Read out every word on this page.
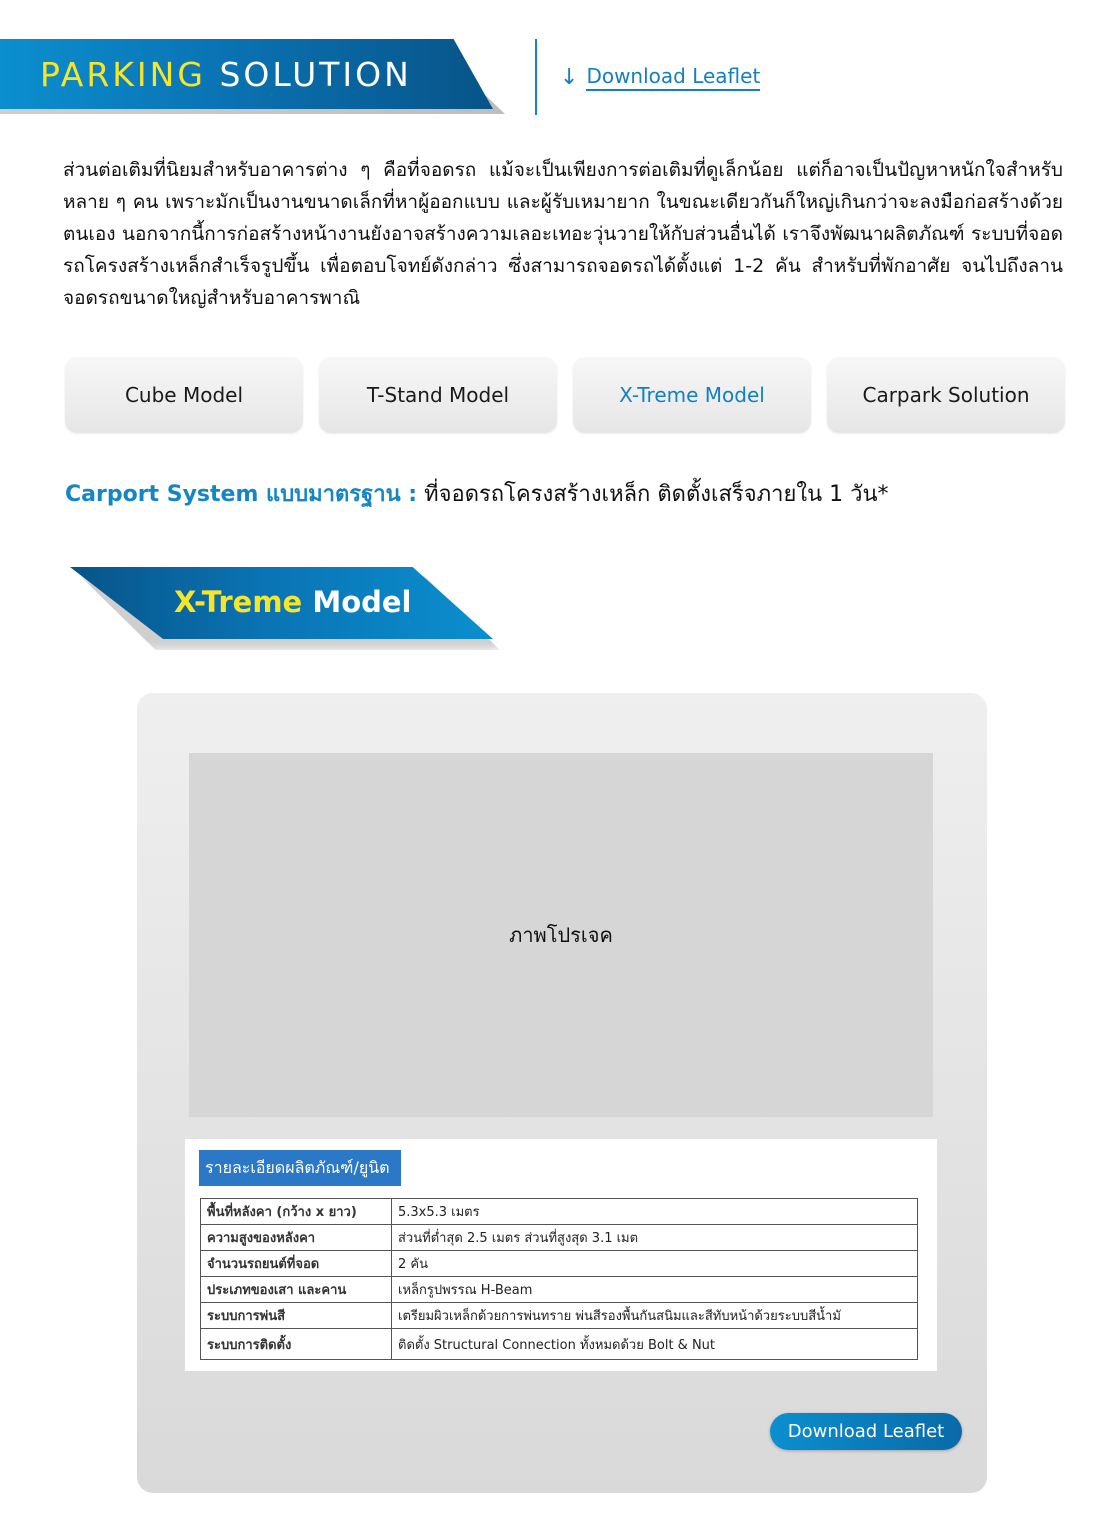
PARKING SOLUTION	↓ Download Leaflet
ส่วนต่อเติมที่นิยมสำหรับอาคารต่าง ๆ คือที่จอดรถ แม้จะเป็นเพียงการต่อเติมที่ดูเล็กน้อย แต่ก็อาจเป็นปัญหาหนักใจสำหรับหลาย ๆ คน เพราะมักเป็นงานขนาดเล็กที่หาผู้ออกแบบ และผู้รับเหมายาก ในขณะเดียวกันก็ใหญ่เกินกว่าจะลงมือก่อสร้างด้วยตนเอง นอกจากนี้การก่อสร้างหน้างานยังอาจสร้างความเลอะเทอะวุ่นวายให้กับส่วนอื่นได้ เราจึงพัฒนาผลิตภัณฑ์ ระบบที่จอดรถโครงสร้างเหล็กสำเร็จรูปขึ้น เพื่อตอบโจทย์ดังกล่าว ซึ่งสามารถจอดรถได้ตั้งแต่ 1-2 คัน สำหรับที่พักอาศัย จนไปถึงลานจอดรถขนาดใหญ่สำหรับอาคารพาณิ
Cube Model	T-Stand Model	X-Treme Model	Carpark Solution
Carport System แบบมาตรฐาน : ที่จอดรถโครงสร้างเหล็ก ติดตั้งเสร็จภายใน 1 วัน*
X-Treme Model
ภาพโปรเจค
รายละเอียดผลิตภัณฑ์/ยูนิต
พื้นที่หลังคา (กว้าง x ยาว)	5.3x5.3 เมตร
ความสูงของหลังคา	ส่วนที่ต่ำสุด 2.5 เมตร ส่วนที่สูงสุด 3.1 เมต
จำนวนรถยนต์ที่จอด	2 คัน
ประเภทของเสา และคาน	เหล็กรูปพรรณ H-Beam
ระบบการพ่นสี	เตรียมผิวเหล็กด้วยการพ่นทราย พ่นสีรองพื้นกันสนิมและสีทับหน้าด้วยระบบสีน้ำมั
ระบบการติดตั้ง	ติดตั้ง Structural Connection ทั้งหมดด้วย Bolt & Nut
Download Leaflet
